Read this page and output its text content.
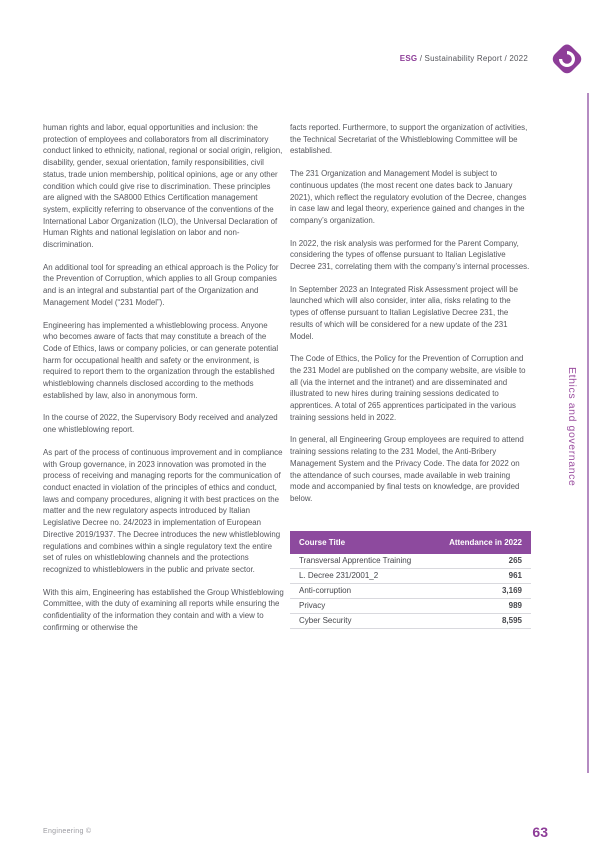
ESG / Sustainability Report / 2022

human rights and labor, equal opportunities and inclusion: the protection of employees and collaborators from all discriminatory conduct linked to ethnicity, national, regional or social origin, religion, disability, gender, sexual orientation, family responsibilities, civil status, trade union membership, political opinions, age or any other condition which could give rise to discrimination. These principles are aligned with the SA8000 Ethics Certification management system, explicitly referring to observance of the conventions of the International Labor Organization (ILO), the Universal Declaration of Human Rights and national legislation on labor and non-discrimination.

An additional tool for spreading an ethical approach is the Policy for the Prevention of Corruption, which applies to all Group companies and is an integral and substantial part of the Organization and Management Model (“231 Model”).

Engineering has implemented a whistleblowing process. Anyone who becomes aware of facts that may constitute a breach of the Code of Ethics, laws or company policies, or can generate potential harm for occupational health and safety or the environment, is required to report them to the organization through the established whistleblowing channels disclosed according to the methods established by law, also in anonymous form.

In the course of 2022, the Supervisory Body received and analyzed one whistleblowing report.

As part of the process of continuous improvement and in compliance with Group governance, in 2023 innovation was promoted in the process of receiving and managing reports for the communication of conduct enacted in violation of the principles of ethics and conduct, laws and company procedures, aligning it with best practices on the matter and the new regulatory aspects introduced by Italian Legislative Decree no. 24/2023 in implementation of European Directive 2019/1937. The Decree introduces the new whistleblowing regulations and combines within a single regulatory text the entire set of rules on whistleblowing channels and the protections recognized to whistleblowers in the public and private sector.

With this aim, Engineering has established the Group Whistleblowing Committee, with the duty of examining all reports while ensuring the confidentiality of the information they contain and with a view to confirming or otherwise the

facts reported. Furthermore, to support the organization of activities, the Technical Secretariat of the Whistleblowing Committee will be established.

The 231 Organization and Management Model is subject to continuous updates (the most recent one dates back to January 2021), which reflect the regulatory evolution of the Decree, changes in case law and legal theory, experience gained and changes in the company’s organization.

In 2022, the risk analysis was performed for the Parent Company, considering the types of offense pursuant to Italian Legislative Decree 231, correlating them with the company’s internal processes.

In September 2023 an Integrated Risk Assessment project will be launched which will also consider, inter alia, risks relating to the types of offense pursuant to Italian Legislative Decree 231, the results of which will be considered for a new update of the 231 Model.

The Code of Ethics, the Policy for the Prevention of Corruption and the 231 Model are published on the company website, are visible to all (via the internet and the intranet) and are disseminated and illustrated to new hires during training sessions dedicated to apprentices. A total of 265 apprentices participated in the various training sessions held in 2022.

In general, all Engineering Group employees are required to attend training sessions relating to the 231 Model, the Anti-Bribery Management System and the Privacy Code. The data for 2022 on the attendance of such courses, made available in web training mode and accompanied by final tests on knowledge, are provided below.

Course Title	Attendance in 2022
Transversal Apprentice Training	265
L. Decree 231/2001_2	961
Anti-corruption	3,169
Privacy	989
Cyber Security	8,595
Ethics and governance
Engineering ©	63
